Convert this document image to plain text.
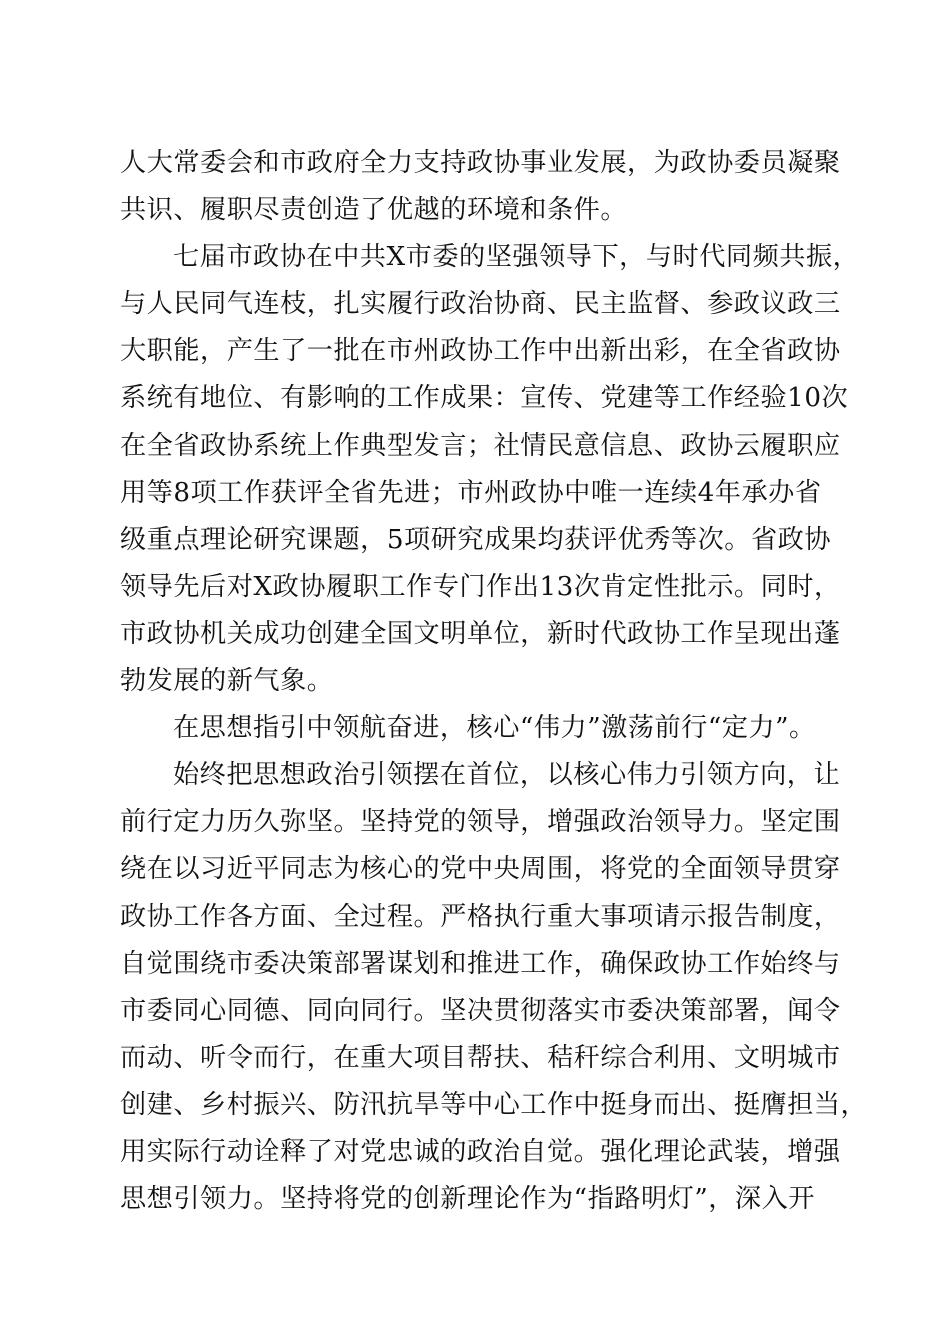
人大常委会和市政府全力支持政协事业发展，为政协委员凝聚
共识、履职尽责创造了优越的环境和条件。
七届市政协在中共X市委的坚强领导下，与时代同频共振，
与人民同气连枝，扎实履行政治协商、民主监督、参政议政三
大职能，产生了一批在市州政协工作中出新出彩，在全省政协
系统有地位、有影响的工作成果：宣传、党建等工作经验10次
在全省政协系统上作典型发言；社情民意信息、政协云履职应
用等8项工作获评全省先进；市州政协中唯一连续4年承办省
级重点理论研究课题，5项研究成果均获评优秀等次。省政协
领导先后对X政协履职工作专门作出13次肯定性批示。同时，
市政协机关成功创建全国文明单位，新时代政协工作呈现出蓬
勃发展的新气象。
在思想指引中领航奋进，核心“伟力”激荡前行“定力”。
始终把思想政治引领摆在首位，以核心伟力引领方向，让
前行定力历久弥坚。坚持党的领导，增强政治领导力。坚定围
绕在以习近平同志为核心的党中央周围，将党的全面领导贯穿
政协工作各方面、全过程。严格执行重大事项请示报告制度，
自觉围绕市委决策部署谋划和推进工作，确保政协工作始终与
市委同心同德、同向同行。坚决贯彻落实市委决策部署，闻令
而动、听令而行，在重大项目帮扶、秸秆综合利用、文明城市
创建、乡村振兴、防汛抗旱等中心工作中挺身而出、挺膺担当，
用实际行动诠释了对党忠诚的政治自觉。强化理论武装，增强
思想引领力。坚持将党的创新理论作为“指路明灯”，深入开
